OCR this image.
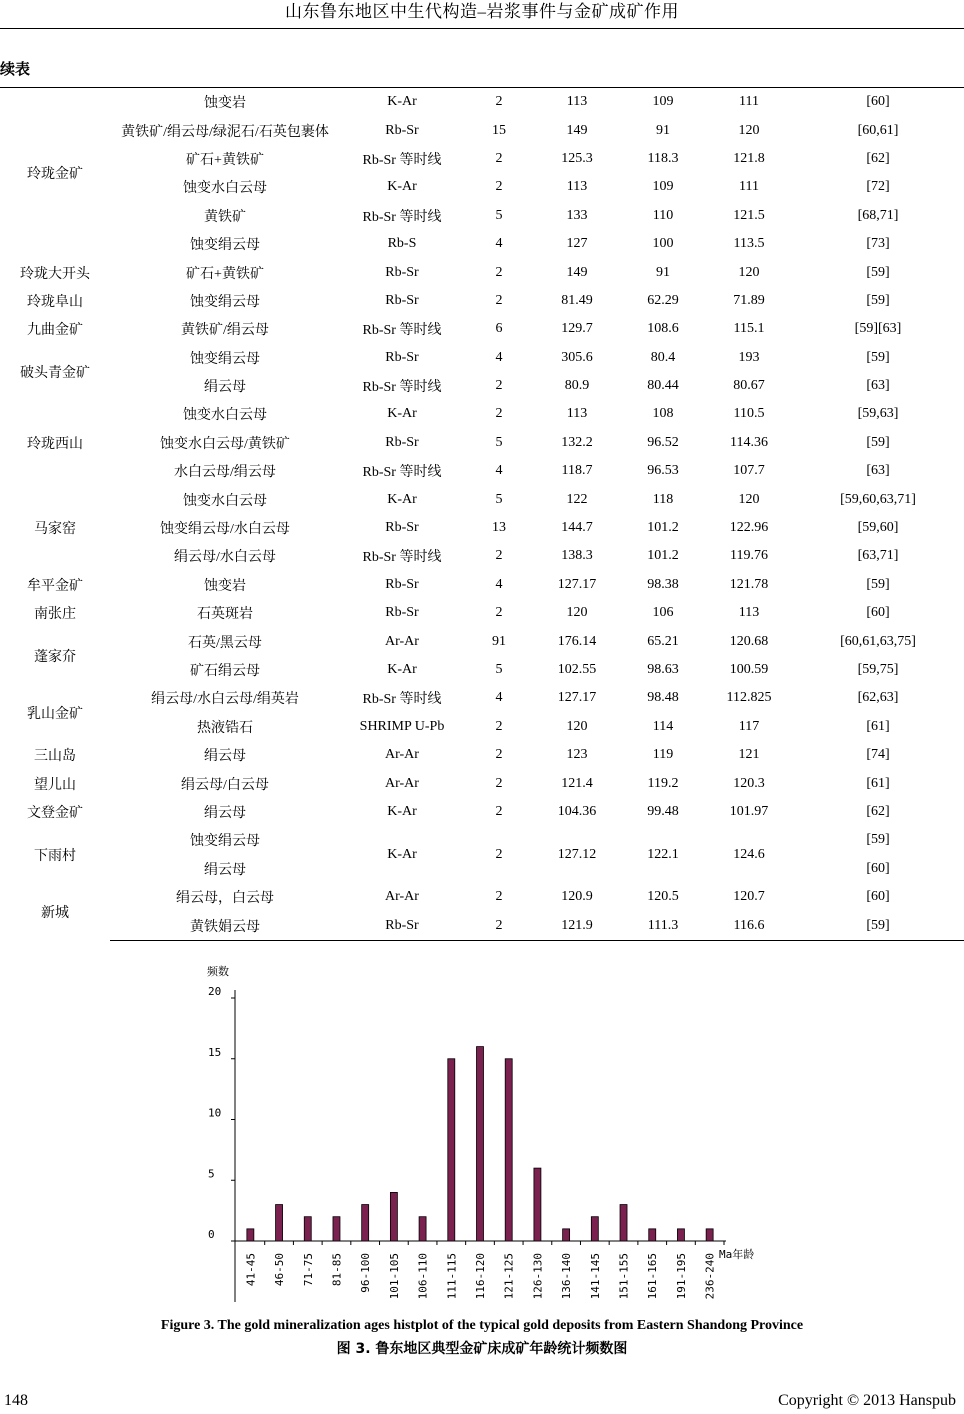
山东鲁东地区中生代构造–岩浆事件与金矿成矿作用
续表
玲珑金矿	蚀变岩	K-Ar	2	113	109	111	[60]
	黄铁矿/绢云母/绿泥石/石英包裹体	Rb-Sr	15	149	91	120	[60,61]
	矿石+黄铁矿	Rb-Sr 等时线	2	125.3	118.3	121.8	[62]
	蚀变水白云母	K-Ar	2	113	109	111	[72]
	黄铁矿	Rb-Sr 等时线	5	133	110	121.5	[68,71]
	蚀变绢云母	Rb-S	4	127	100	113.5	[73]
玲珑大开头	矿石+黄铁矿	Rb-Sr	2	149	91	120	[59]
玲珑阜山	蚀变绢云母	Rb-Sr	2	81.49	62.29	71.89	[59]
九曲金矿	黄铁矿/绢云母	Rb-Sr 等时线	6	129.7	108.6	115.1	[59][63]
破头青金矿	蚀变绢云母	Rb-Sr	4	305.6	80.4	193	[59]
	绢云母	Rb-Sr 等时线	2	80.9	80.44	80.67	[63]
玲珑西山	蚀变水白云母	K-Ar	2	113	108	110.5	[59,63]
	蚀变水白云母/黄铁矿	Rb-Sr	5	132.2	96.52	114.36	[59]
	水白云母/绢云母	Rb-Sr 等时线	4	118.7	96.53	107.7	[63]
马家窑	蚀变水白云母	K-Ar	5	122	118	120	[59,60,63,71]
	蚀变绢云母/水白云母	Rb-Sr	13	144.7	101.2	122.96	[59,60]
	绢云母/水白云母	Rb-Sr 等时线	2	138.3	101.2	119.76	[63,71]
牟平金矿	蚀变岩	Rb-Sr	4	127.17	98.38	121.78	[59]
南张庄	石英斑岩	Rb-Sr	2	120	106	113	[60]
蓬家夼	石英/黑云母	Ar-Ar	91	176.14	65.21	120.68	[60,61,63,75]
	矿石绢云母	K-Ar	5	102.55	98.63	100.59	[59,75]
乳山金矿	绢云母/水白云母/绢英岩	Rb-Sr 等时线	4	127.17	98.48	112.825	[62,63]
	热液锆石	SHRIMP U-Pb	2	120	114	117	[61]
三山岛	绢云母	Ar-Ar	2	123	119	121	[74]
望儿山	绢云母/白云母	Ar-Ar	2	121.4	119.2	120.3	[61]
文登金矿	绢云母	K-Ar	2	104.36	99.48	101.97	[62]
下雨村	蚀变绢云母	K-Ar	2	127.12	122.1	124.6	[59]
	绢云母						[60]
新城	绢云母，白云母	Ar-Ar	2	120.9	120.5	120.7	[60]
	黄铁娟云母	Rb-Sr	2	121.9	111.3	116.6	[59]
0
5
10
15
20
频数
41-45 46-50 71-75 81-85 96-100 101-105 106-110 111-115 116-120 121-125 126-130 136-140 141-145 151-155 161-165 191-195 236-240 Ma年龄
Figure 3. The gold mineralization ages histplot of the typical gold deposits from Eastern Shandong Province
图 3. 鲁东地区典型金矿床成矿年龄统计频数图
148	Copyright © 2013 Hanspub
